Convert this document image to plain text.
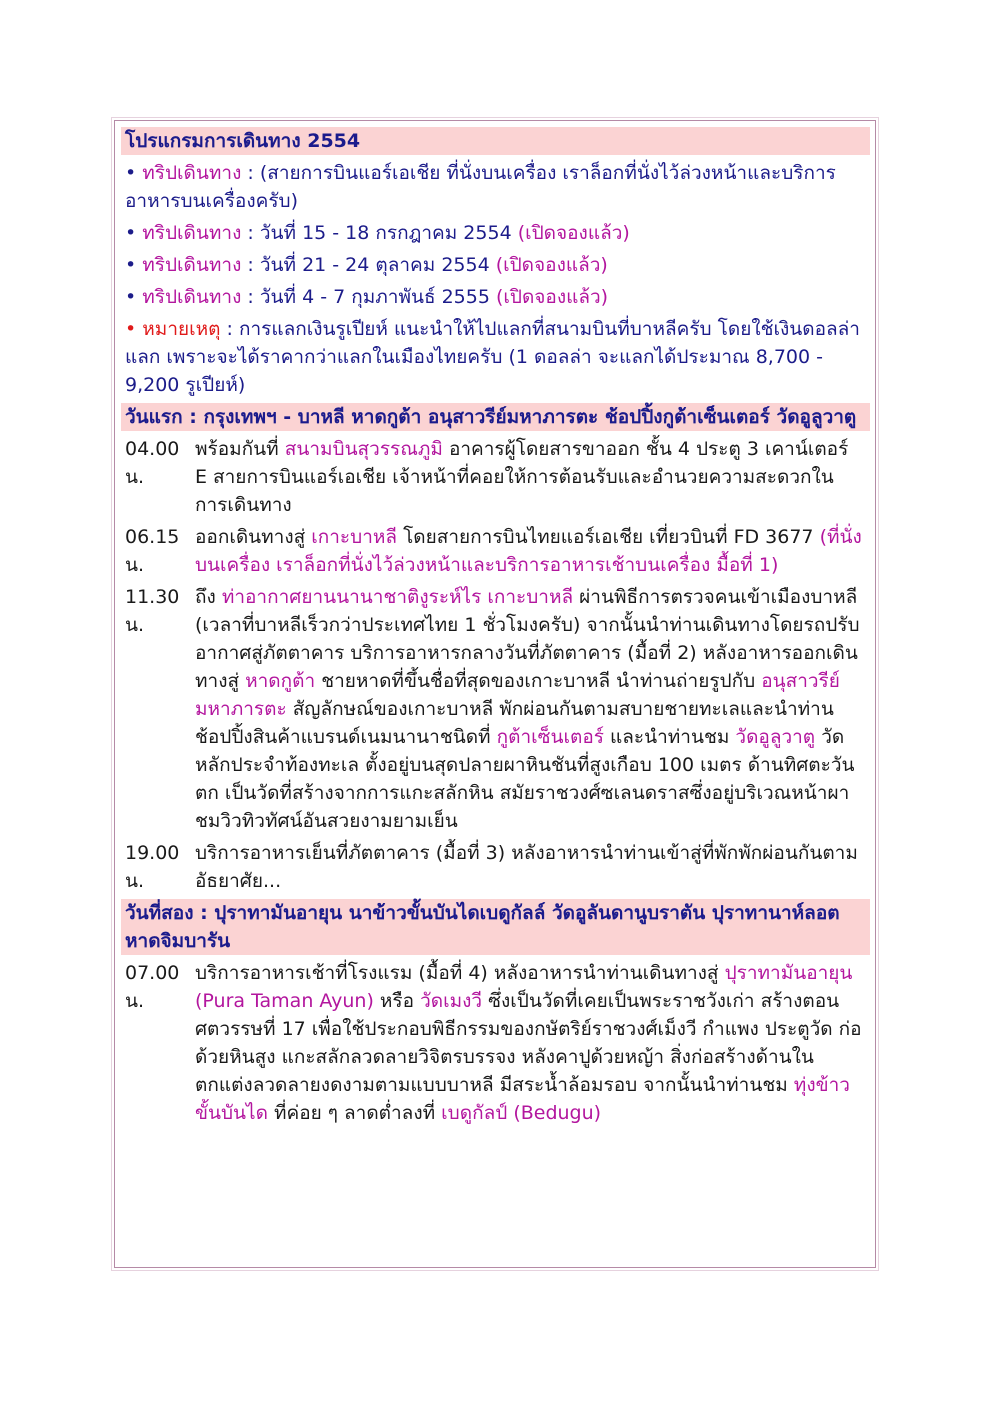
โปรแกรมการเดินทาง 2554
• ทริปเดินทาง : (สายการบินแอร์เอเชีย ที่นั่งบนเครื่อง เราล็อกที่นั่งไว้ล่วงหน้าและบริการอาหารบนเครื่องครับ)
• ทริปเดินทาง : วันที่ 15 - 18 กรกฎาคม 2554 (เปิดจองแล้ว)
• ทริปเดินทาง : วันที่ 21 - 24 ตุลาคม 2554 (เปิดจองแล้ว)
• ทริปเดินทาง : วันที่ 4 - 7 กุมภาพันธ์ 2555 (เปิดจองแล้ว)
• หมายเหตุ : การแลกเงินรูเปียห์ แนะนำให้ไปแลกที่สนามบินที่บาหลีครับ โดยใช้เงินดอลล่าแลก เพราะจะได้ราคากว่าแลกในเมืองไทยครับ (1 ดอลล่า จะแลกได้ประมาณ 8,700 - 9,200 รูเปียห์)
วันแรก : กรุงเทพฯ - บาหลี หาดกูต้า อนุสาวรีย์มหาภารตะ ช้อปปิ้งกูต้าเซ็นเตอร์ วัดอูลูวาตู
04.00 น.
พร้อมกันที่ สนามบินสุวรรณภูมิ อาคารผู้โดยสารขาออก ชั้น 4 ประตู 3 เคาน์เตอร์ E สายการบินแอร์เอเชีย เจ้าหน้าที่คอยให้การต้อนรับและอำนวยความสะดวกในการเดินทาง
06.15 น.
ออกเดินทางสู่ เกาะบาหลี โดยสายการบินไทยแอร์เอเชีย เที่ยวบินที่ FD 3677 (ที่นั่งบนเครื่อง เราล็อกที่นั่งไว้ล่วงหน้าและบริการอาหารเช้าบนเครื่อง มื้อที่ 1)
11.30 น.
ถึง ท่าอากาศยานนานาชาติงูระห์ไร เกาะบาหลี ผ่านพิธีการตรวจคนเข้าเมืองบาหลี (เวลาที่บาหลีเร็วกว่าประเทศไทย 1 ชั่วโมงครับ) จากนั้นนำท่านเดินทางโดยรถปรับอากาศสู่ภัตตาคาร บริการอาหารกลางวันที่ภัตตาคาร (มื้อที่ 2) หลังอาหารออกเดินทางสู่ หาดกูต้า ชายหาดที่ขึ้นชื่อที่สุดของเกาะบาหลี นำท่านถ่ายรูปกับ อนุสาวรีย์มหาภารตะ สัญลักษณ์ของเกาะบาหลี พักผ่อนกันตามสบายชายทะเลและนำท่านช้อปปิ้งสินค้าแบรนด์เนมนานาชนิดที่ กูต้าเซ็นเตอร์ และนำท่านชม วัดอูลูวาตู วัดหลักประจำท้องทะเล ตั้งอยู่บนสุดปลายผาหินชันที่สูงเกือบ 100 เมตร ด้านทิศตะวันตก เป็นวัดที่สร้างจากการแกะสลักหิน สมัยราชวงศ์ซเลนดราสซึ่งอยู่บริเวณหน้าผา ชมวิวทิวทัศน์อันสวยงามยามเย็น
19.00 น.
บริการอาหารเย็นที่ภัตตาคาร (มื้อที่ 3) หลังอาหารนำท่านเข้าสู่ที่พักพักผ่อนกันตามอัธยาศัย...
วันที่สอง : ปุราทามันอายุน นาข้าวขั้นบันไดเบดูกัลล์ วัดอูลันดานูบราตัน ปุราทานาห์ลอต หาดจิมบารัน
07.00 น.
บริการอาหารเช้าที่โรงแรม (มื้อที่ 4) หลังอาหารนำท่านเดินทางสู่ ปุราทามันอายุน (Pura Taman Ayun) หรือ วัดเมงวี ซึ่งเป็นวัดที่เคยเป็นพระราชวังเก่า สร้างตอนศตวรรษที่ 17 เพื่อใช้ประกอบพิธีกรรมของกษัตริย์ราชวงศ์เม็งวี กำแพง ประตูวัด ก่อด้วยหินสูง แกะสลักลวดลายวิจิตรบรรจง หลังคาปูด้วยหญ้า สิ่งก่อสร้างด้านใน ตกแต่งลวดลายงดงามตามแบบบาหลี มีสระน้ำล้อมรอบ จากนั้นนำท่านชม ทุ่งข้าวขั้นบันได ที่ค่อย ๆ ลาดต่ำลงที่ เบดูกัลป์ (Bedugu)
